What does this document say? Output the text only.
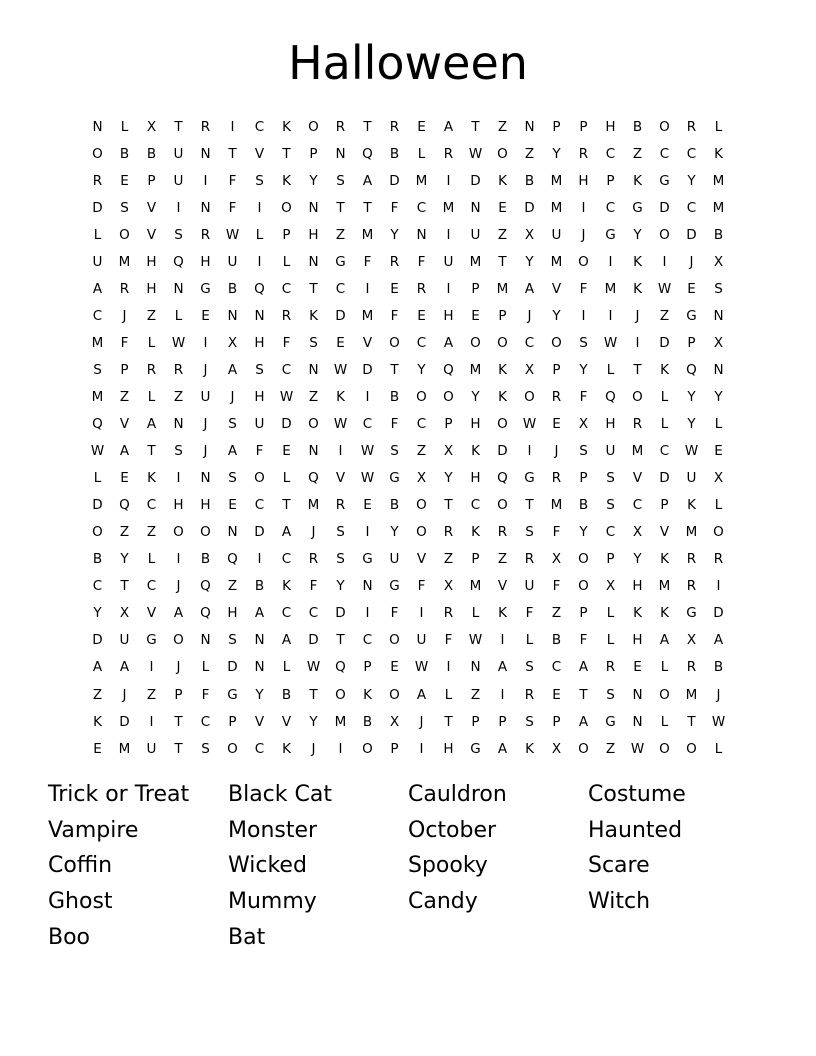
Halloween
N	L	X	T	R	I	C	K	O	R	T	R	E	A	T	Z	N	P	P	H	B	O	R	L
O	B	B	U	N	T	V	T	P	N	Q	B	L	R	W	O	Z	Y	R	C	Z	C	C	K
R	E	P	U	I	F	S	K	Y	S	A	D	M	I	D	K	B	M	H	P	K	G	Y	M
D	S	V	I	N	F	I	O	N	T	T	F	C	M	N	E	D	M	I	C	G	D	C	M
L	O	V	S	R	W	L	P	H	Z	M	Y	N	I	U	Z	X	U	J	G	Y	O	D	B
U	M	H	Q	H	U	I	L	N	G	F	R	F	U	M	T	Y	M	O	I	K	I	J	X
A	R	H	N	G	B	Q	C	T	C	I	E	R	I	P	M	A	V	F	M	K	W	E	S
C	J	Z	L	E	N	N	R	K	D	M	F	E	H	E	P	J	Y	I	I	J	Z	G	N
M	F	L	W	I	X	H	F	S	E	V	O	C	A	O	O	C	O	S	W	I	D	P	X
S	P	R	R	J	A	S	C	N	W	D	T	Y	Q	M	K	X	P	Y	L	T	K	Q	N
M	Z	L	Z	U	J	H	W	Z	K	I	B	O	O	Y	K	O	R	F	Q	O	L	Y	Y
Q	V	A	N	J	S	U	D	O	W	C	F	C	P	H	O	W	E	X	H	R	L	Y	L
W	A	T	S	J	A	F	E	N	I	W	S	Z	X	K	D	I	J	S	U	M	C	W	E
L	E	K	I	N	S	O	L	Q	V	W	G	X	Y	H	Q	G	R	P	S	V	D	U	X
D	Q	C	H	H	E	C	T	M	R	E	B	O	T	C	O	T	M	B	S	C	P	K	L
O	Z	Z	O	O	N	D	A	J	S	I	Y	O	R	K	R	S	F	Y	C	X	V	M	O
B	Y	L	I	B	Q	I	C	R	S	G	U	V	Z	P	Z	R	X	O	P	Y	K	R	R
C	T	C	J	Q	Z	B	K	F	Y	N	G	F	X	M	V	U	F	O	X	H	M	R	I
Y	X	V	A	Q	H	A	C	C	D	I	F	I	R	L	K	F	Z	P	L	K	K	G	D
D	U	G	O	N	S	N	A	D	T	C	O	U	F	W	I	L	B	F	L	H	A	X	A
A	A	I	J	L	D	N	L	W	Q	P	E	W	I	N	A	S	C	A	R	E	L	R	B
Z	J	Z	P	F	G	Y	B	T	O	K	O	A	L	Z	I	R	E	T	S	N	O	M	J
K	D	I	T	C	P	V	V	Y	M	B	X	J	T	P	P	S	P	A	G	N	L	T	W
E	M	U	T	S	O	C	K	J	I	O	P	I	H	G	A	K	X	O	Z	W	O	O	L
Trick or Treat	Black Cat	Cauldron	Costume
Vampire	Monster	October	Haunted
Coffin	Wicked	Spooky	Scare
Ghost	Mummy	Candy	Witch
Boo	Bat
